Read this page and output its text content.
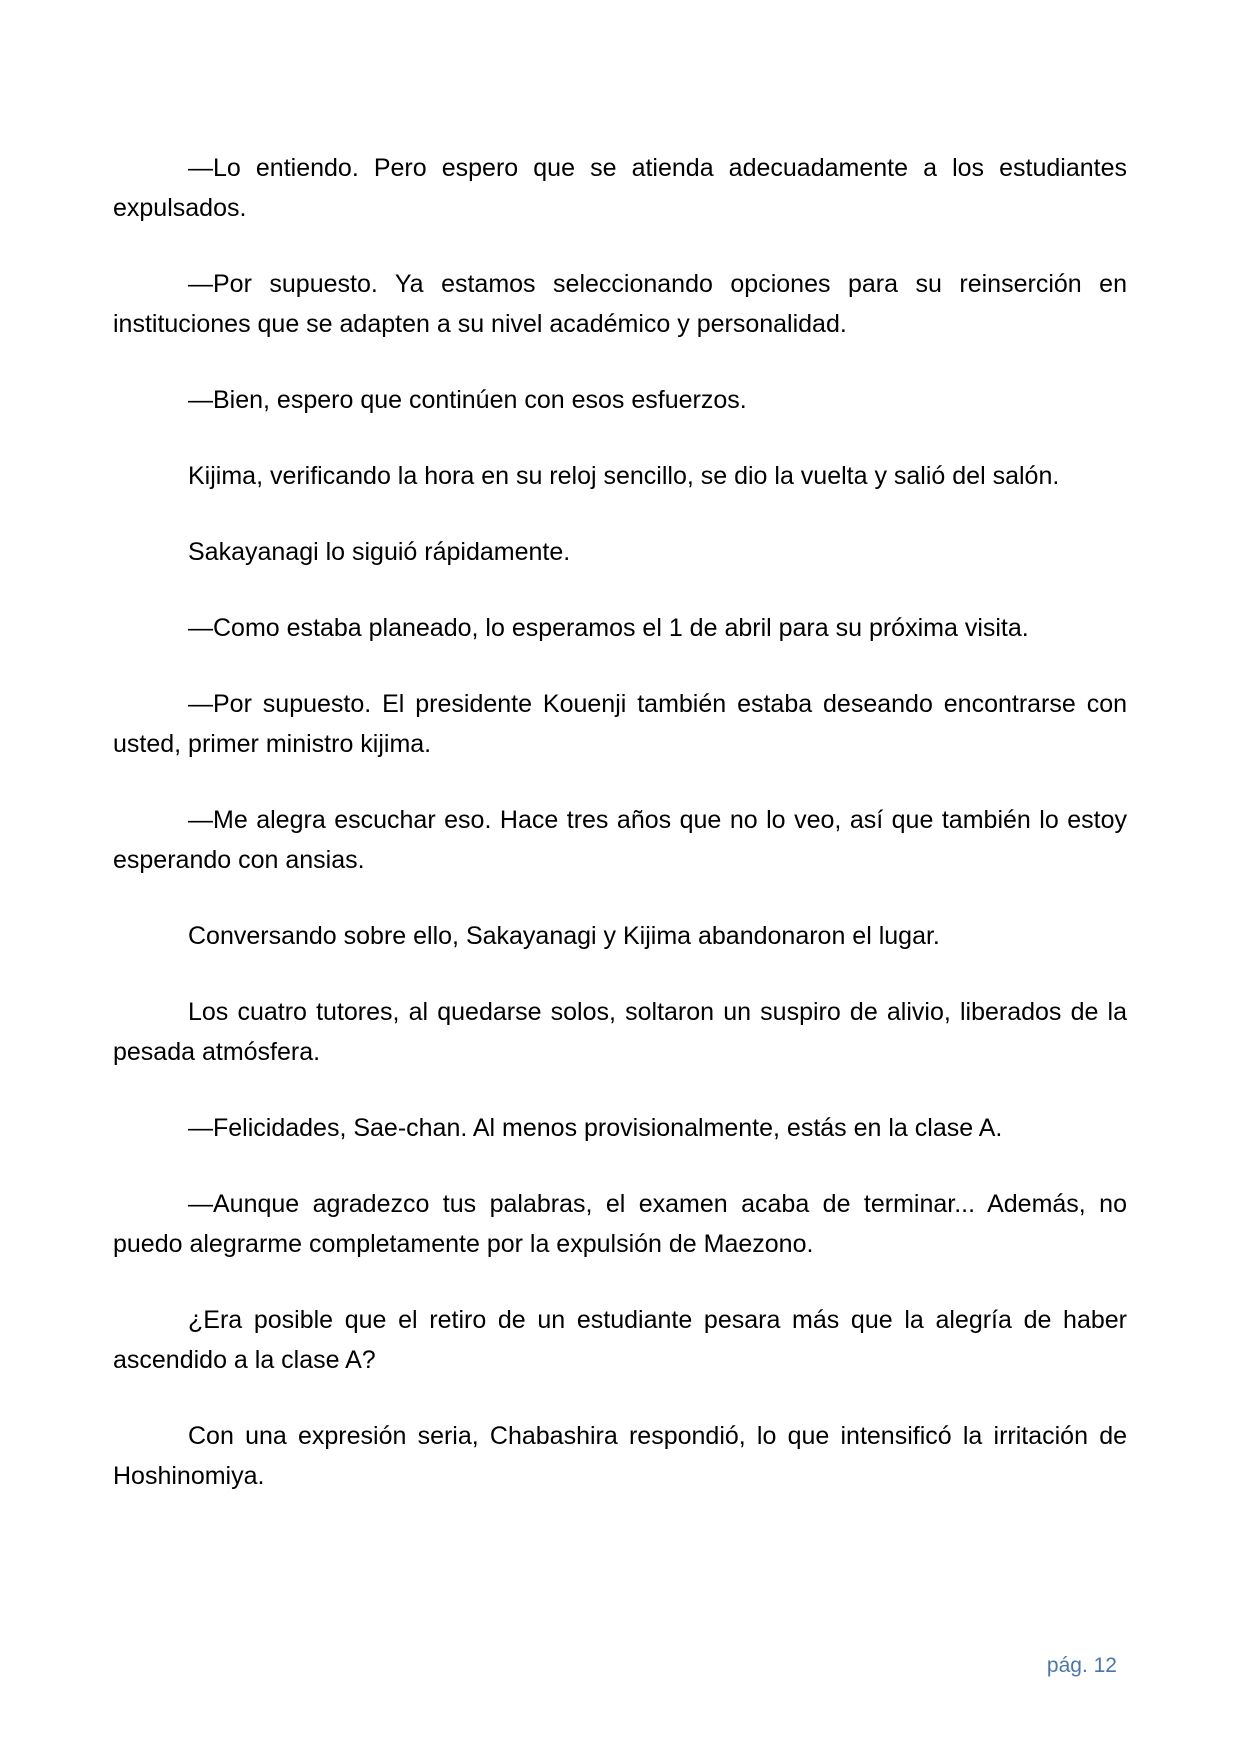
—Lo entiendo. Pero espero que se atienda adecuadamente a los estudiantes expulsados.

—Por supuesto. Ya estamos seleccionando opciones para su reinserción en instituciones que se adapten a su nivel académico y personalidad.

—Bien, espero que continúen con esos esfuerzos.

Kijima, verificando la hora en su reloj sencillo, se dio la vuelta y salió del salón.

Sakayanagi lo siguió rápidamente.

—Como estaba planeado, lo esperamos el 1 de abril para su próxima visita.

—Por supuesto. El presidente Kouenji también estaba deseando encontrarse con usted, primer ministro kijima.

—Me alegra escuchar eso. Hace tres años que no lo veo, así que también lo estoy esperando con ansias.

Conversando sobre ello, Sakayanagi y Kijima abandonaron el lugar.

Los cuatro tutores, al quedarse solos, soltaron un suspiro de alivio, liberados de la pesada atmósfera.

—Felicidades, Sae-chan. Al menos provisionalmente, estás en la clase A.

—Aunque agradezco tus palabras, el examen acaba de terminar... Además, no puedo alegrarme completamente por la expulsión de Maezono.

¿Era posible que el retiro de un estudiante pesara más que la alegría de haber ascendido a la clase A?

Con una expresión seria, Chabashira respondió, lo que intensificó la irritación de Hoshinomiya.

pág. 12
